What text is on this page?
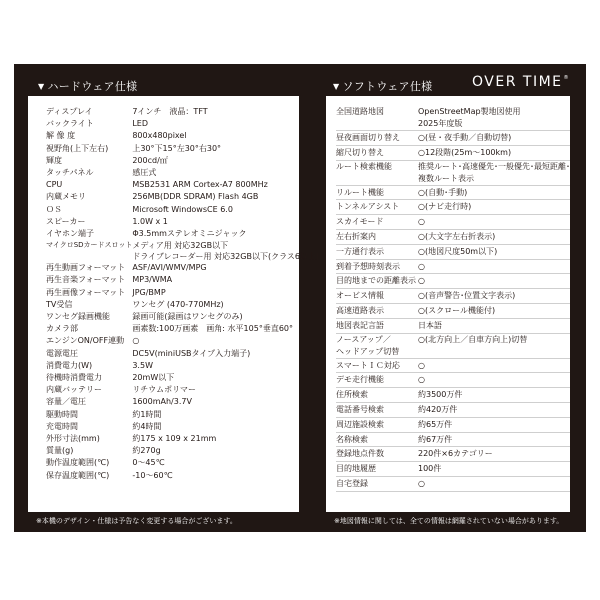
▼ ハードウェア仕様	▼ ソフトウェア仕様	OVER TIME®
ディスプレイ	7インチ　液晶：TFT
バックライト	LED
解 像 度	800x480pixel
視野角(上下左右)	上30°下15°左30°右30°
輝度	200cd/㎡
タッチパネル	感圧式
CPU	MSB2531 ARM Cortex-A7 800MHz
内蔵メモリ	256MB(DDR SDRAM) Flash 4GB
ＯＳ	Microsoft WindowsCE 6.0
スピーカー	1.0W x 1
イヤホン端子	Φ3.5mmステレオミニジャック
マイクロSDカードスロット	メディア用 対応32GB以下
ドライブレコーダー用 対応32GB以下(クラス6以上)
再生動画フォーマット	ASF/AVI/WMV/MPG
再生音楽フォーマット	MP3/WMA
再生画像フォーマット	JPG/BMP
TV受信	ワンセグ (470-770MHz)
ワンセグ録画機能	録画可能(録画はワンセグのみ)
カメラ部	画素数:100万画素　画角: 水平105°垂直60°
エンジンON/OFF連動	○
電源電圧	DC5V(miniUSBタイプ入力端子)
消費電力(W)	3.5W
待機時消費電力	20mW以下
内蔵バッテリー	リチウムポリマー
容量／電圧	1600mAh/3.7V
駆動時間	約1時間
充電時間	約4時間
外形寸法(mm)	約175 x 109 x 21mm
質量(g)	約270g
動作温度範囲(℃)	0〜45℃
保存温度範囲(℃)	-10〜60℃
全国道路地図	OpenStreetMap製地図使用
2025年度版
昼夜画面切り替え	○(昼・夜手動／自動切替)
縮尺切り替え	○12段階(25m〜100km)
ルート検索機能	推奨ルート･高速優先･一般優先･最短距離･
複数ルート表示
リルート機能	○(自動･手動)
トンネルアシスト	○(ナビ走行時)
スカイモード	○
左右折案内	○(大文字左右折表示)
一方通行表示	○(地図尺度50m以下)
到着予想時刻表示	○
目的地までの距離表示	○
オービス情報	○(音声警告･位置文字表示)
高速道路表示	○(スクロール機能付)
地図表記言語	日本語
ノースアップ／
ヘッドアップ切替	○(北方向上／自車方向上)切替
スマートＩＣ対応	○
デモ走行機能	○
住所検索	約3500万件
電話番号検索	約420万件
周辺施設検索	約65万件
名称検索	約67万件
登録地点件数	220件×6カテゴリー
目的地履歴	100件
自宅登録	○
※本機のデザイン・仕様は予告なく変更する場合がございます。	※地図情報に関しては、全ての情報は網羅されていない場合があります。
